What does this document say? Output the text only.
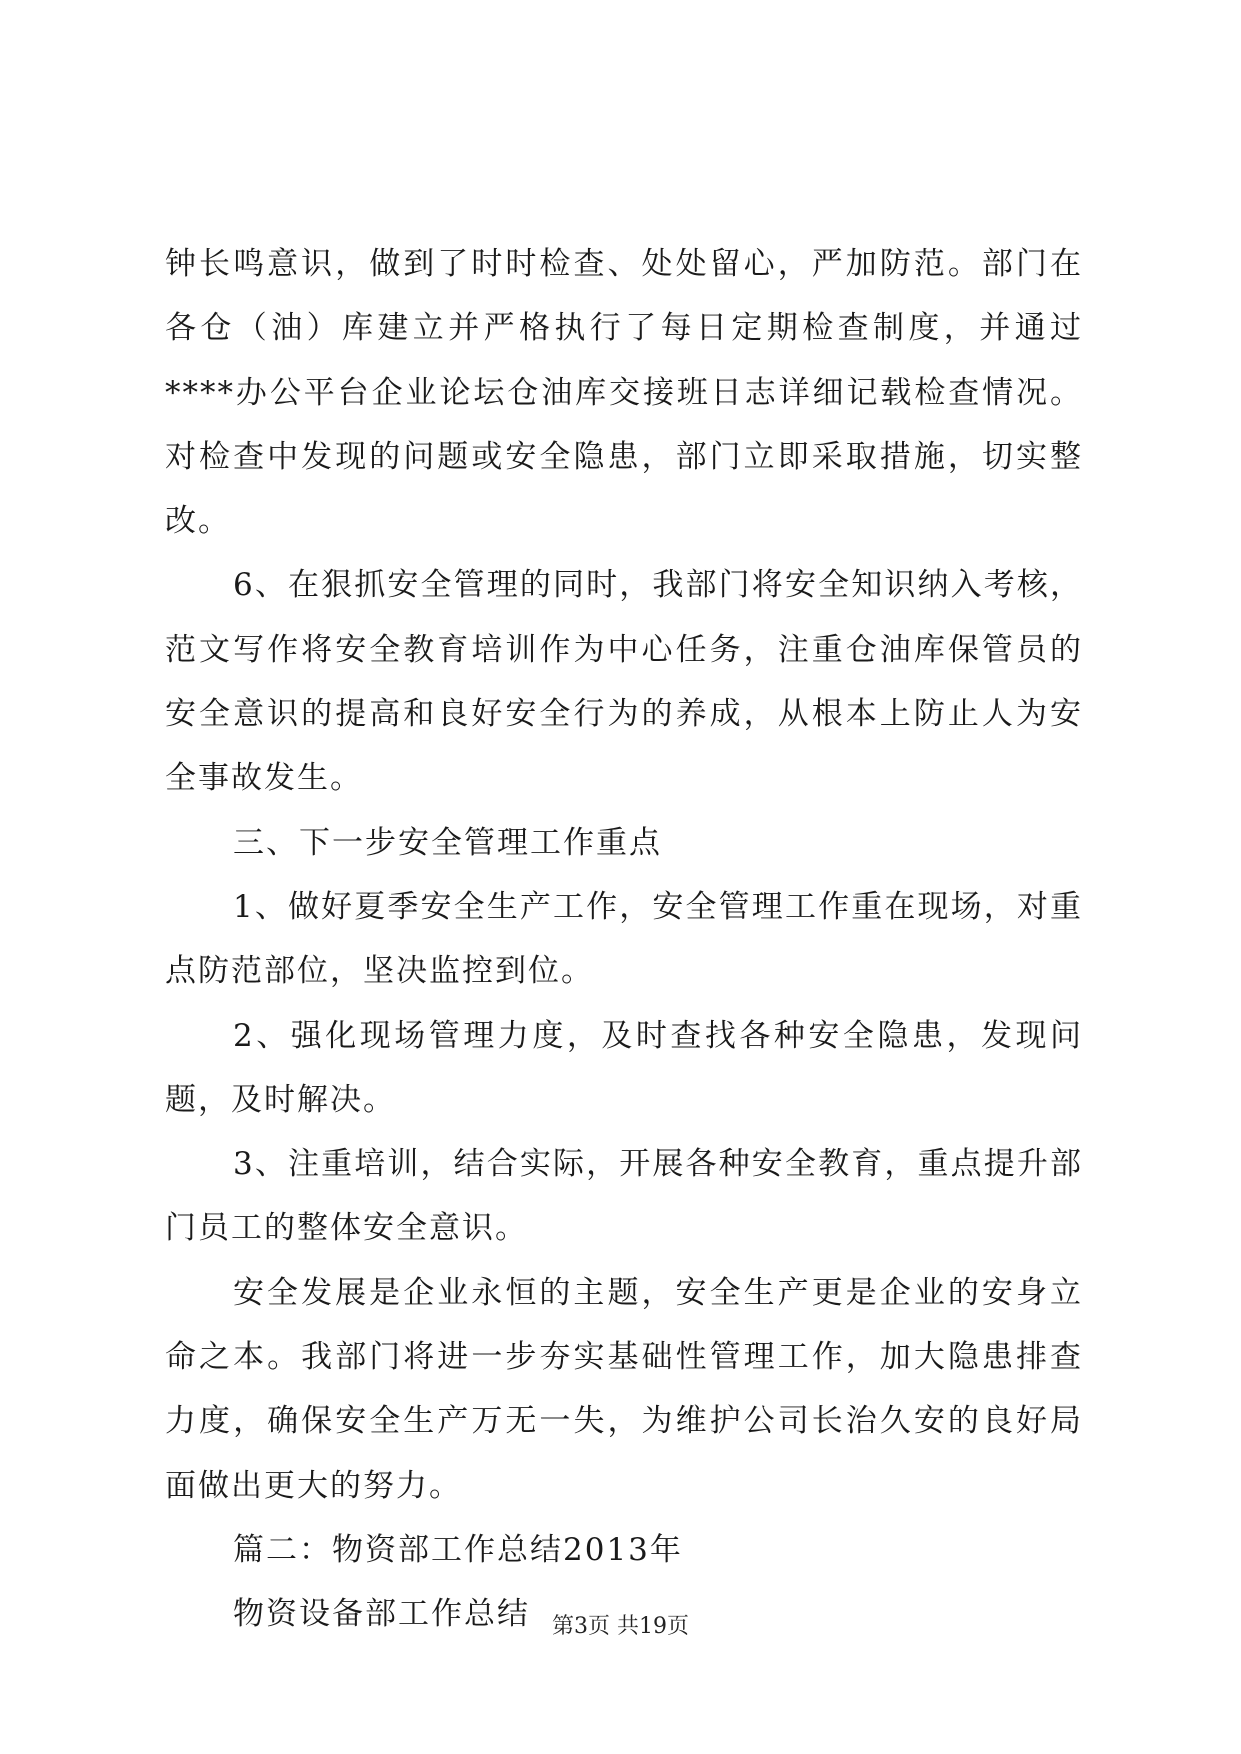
钟长鸣意识，做到了时时检查、处处留心，严加防范。部门在各仓（油）库建立并严格执行了每日定期检查制度，并通过****办公平台企业论坛仓油库交接班日志详细记载检查情况。对检查中发现的问题或安全隐患，部门立即采取措施，切实整改。

6、在狠抓安全管理的同时，我部门将安全知识纳入考核，范文写作将安全教育培训作为中心任务，注重仓油库保管员的安全意识的提高和良好安全行为的养成，从根本上防止人为安全事故发生。

三、下一步安全管理工作重点

1、做好夏季安全生产工作，安全管理工作重在现场，对重点防范部位，坚决监控到位。

2、强化现场管理力度，及时查找各种安全隐患，发现问题，及时解决。

3、注重培训，结合实际，开展各种安全教育，重点提升部门员工的整体安全意识。

安全发展是企业永恒的主题，安全生产更是企业的安身立命之本。我部门将进一步夯实基础性管理工作，加大隐患排查力度，确保安全生产万无一失，为维护公司长治久安的良好局面做出更大的努力。

篇二：物资部工作总结2013年

物资设备部工作总结	第3页 共19页
